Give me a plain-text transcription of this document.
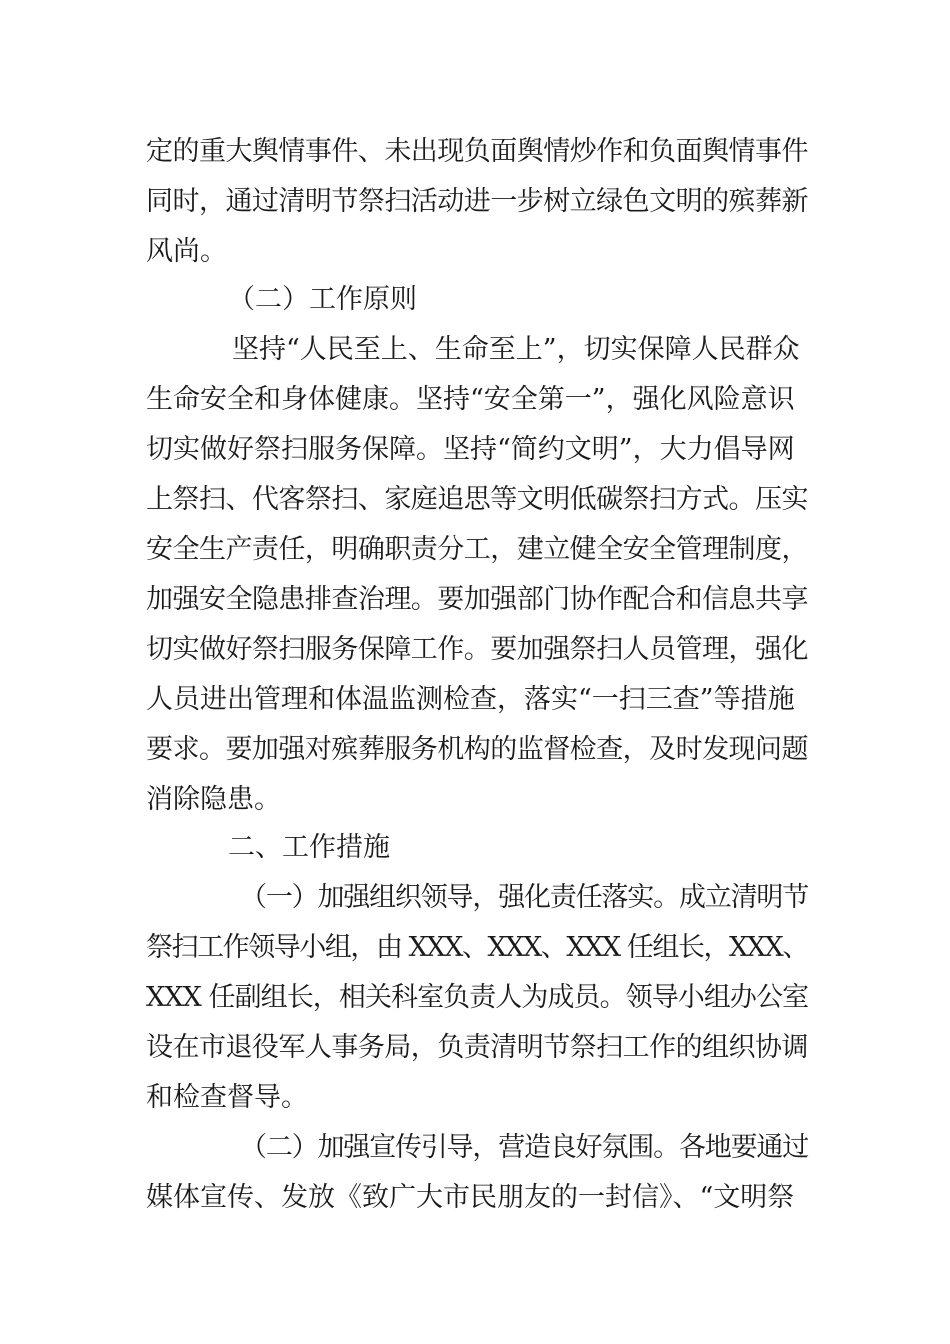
定的重大舆情事件、未出现负面舆情炒作和负面舆情事件
同时，通过清明节祭扫活动进一步树立绿色文明的殡葬新
风尚。
（二）工作原则
坚持“人民至上、生命至上”，切实保障人民群众
生命安全和身体健康。坚持“安全第一”，强化风险意识
切实做好祭扫服务保障。坚持“简约文明”，大力倡导网
上祭扫、代客祭扫、家庭追思等文明低碳祭扫方式。压实
安全生产责任，明确职责分工，建立健全安全管理制度，
加强安全隐患排查治理。要加强部门协作配合和信息共享
切实做好祭扫服务保障工作。要加强祭扫人员管理，强化
人员进出管理和体温监测检查，落实“一扫三查”等措施
要求。要加强对殡葬服务机构的监督检查，及时发现问题
消除隐患。
二、工作措施
（一）加强组织领导，强化责任落实。成立清明节
祭扫工作领导小组，由 XXX、XXX、XXX 任组长，XXX、
XXX 任副组长，相关科室负责人为成员。领导小组办公室
设在市退役军人事务局，负责清明节祭扫工作的组织协调
和检查督导。
（二）加强宣传引导，营造良好氛围。各地要通过
媒体宣传、发放《致广大市民朋友的一封信》、“文明祭
